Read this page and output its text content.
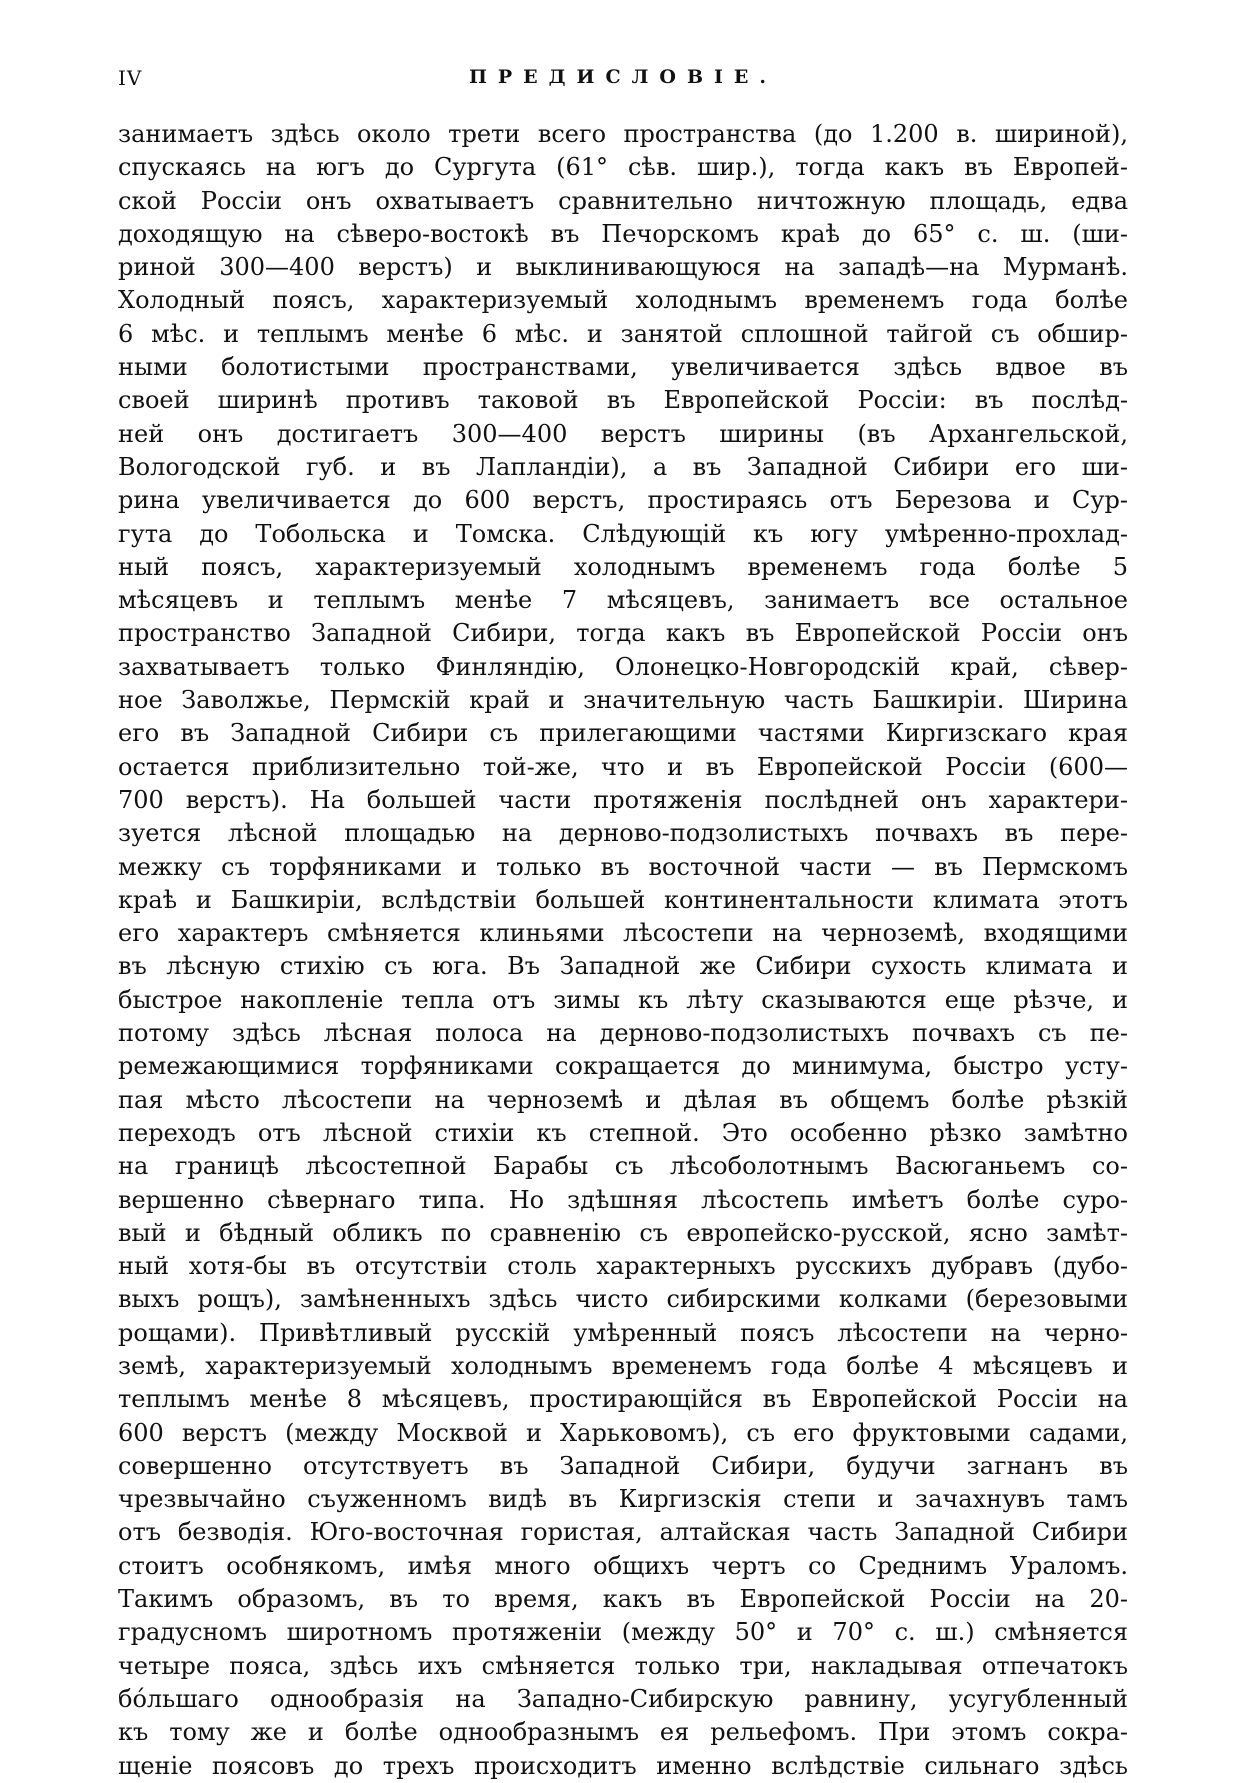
IV	ПРЕДИСЛОВІЕ.
занимаетъ здѣсь около трети всего пространства (до 1.200 в. шириной),
спускаясь на югъ до Сургута (61° сѣв. шир.), тогда какъ въ Европей-
ской Россіи онъ охватываетъ сравнительно ничтожную площадь, едва
доходящую на сѣверо-востокѣ въ Печорскомъ краѣ до 65° с. ш. (ши-
риной 300—400 верстъ) и выклинивающуюся на западѣ—на Мурманѣ.
Холодный поясъ, характеризуемый холоднымъ временемъ года болѣе
6 мѣс. и теплымъ менѣе 6 мѣс. и занятой сплошной тайгой съ обшир-
ными болотистыми пространствами, увеличивается здѣсь вдвое въ
своей ширинѣ противъ таковой въ Европейской Россіи: въ послѣд-
ней онъ достигаетъ 300—400 верстъ ширины (въ Архангельской,
Вологодской губ. и въ Лапландіи), а въ Западной Сибири его ши-
рина увеличивается до 600 верстъ, простираясь отъ Березова и Сур-
гута до Тобольска и Томска. Слѣдующій къ югу умѣренно-прохлад-
ный поясъ, характеризуемый холоднымъ временемъ года болѣе 5
мѣсяцевъ и теплымъ менѣе 7 мѣсяцевъ, занимаетъ все остальное
пространство Западной Сибири, тогда какъ въ Европейской Россіи онъ
захватываетъ только Финляндію, Олонецко-Новгородскій край, сѣвер-
ное Заволжье, Пермскій край и значительную часть Башкиріи. Ширина
его въ Западной Сибири съ прилегающими частями Киргизскаго края
остается приблизительно той-же, что и въ Европейской Россіи (600—
700 верстъ). На большей части протяженія послѣдней онъ характери-
зуется лѣсной площадью на дерново-подзолистыхъ почвахъ въ пере-
межку съ торфяниками и только въ восточной части — въ Пермскомъ
краѣ и Башкиріи, вслѣдствіи большей континентальности климата этотъ
его характеръ смѣняется клиньями лѣсостепи на черноземѣ, входящими
въ лѣсную стихію съ юга. Въ Западной же Сибири сухость климата и
быстрое накопленіе тепла отъ зимы къ лѣту сказываются еще рѣзче, и
потому здѣсь лѣсная полоса на дерново-подзолистыхъ почвахъ съ пе-
ремежающимися торфяниками сокращается до минимума, быстро усту-
пая мѣсто лѣсостепи на черноземѣ и дѣлая въ общемъ болѣе рѣзкій
переходъ отъ лѣсной стихіи къ степной. Это особенно рѣзко замѣтно
на границѣ лѣсостепной Барабы съ лѣсоболотнымъ Васюганьемъ со-
вершенно сѣвернаго типа. Но здѣшняя лѣсостепь имѣетъ болѣе суро-
вый и бѣдный обликъ по сравненію съ европейско-русской, ясно замѣт-
ный хотя-бы въ отсутствіи столь характерныхъ русскихъ дубравъ (дубо-
выхъ рощъ), замѣненныхъ здѣсь чисто сибирскими колками (березовыми
рощами). Привѣтливый русскій умѣренный поясъ лѣсостепи на черно-
земѣ, характеризуемый холоднымъ временемъ года болѣе 4 мѣсяцевъ и
теплымъ менѣе 8 мѣсяцевъ, простирающійся въ Европейской Россіи на
600 верстъ (между Москвой и Харьковомъ), съ его фруктовыми садами,
совершенно отсутствуетъ въ Западной Сибири, будучи загнанъ въ
чрезвычайно съуженномъ видѣ въ Киргизскія степи и зачахнувъ тамъ
отъ безводія. Юго-восточная гористая, алтайская часть Западной Сибири
стоитъ особнякомъ, имѣя много общихъ чертъ со Среднимъ Ураломъ.
Такимъ образомъ, въ то время, какъ въ Европейской Россіи на 20-
градусномъ широтномъ протяженіи (между 50° и 70° с. ш.) смѣняется
четыре пояса, здѣсь ихъ смѣняется только три, накладывая отпечатокъ
бóльшаго однообразія на Западно-Сибирскую равнину, усугубленный
къ тому же и болѣе однообразнымъ ея рельефомъ. При этомъ сокра-
щеніе поясовъ до трехъ происходитъ именно вслѣдствіе сильнаго здѣсь
